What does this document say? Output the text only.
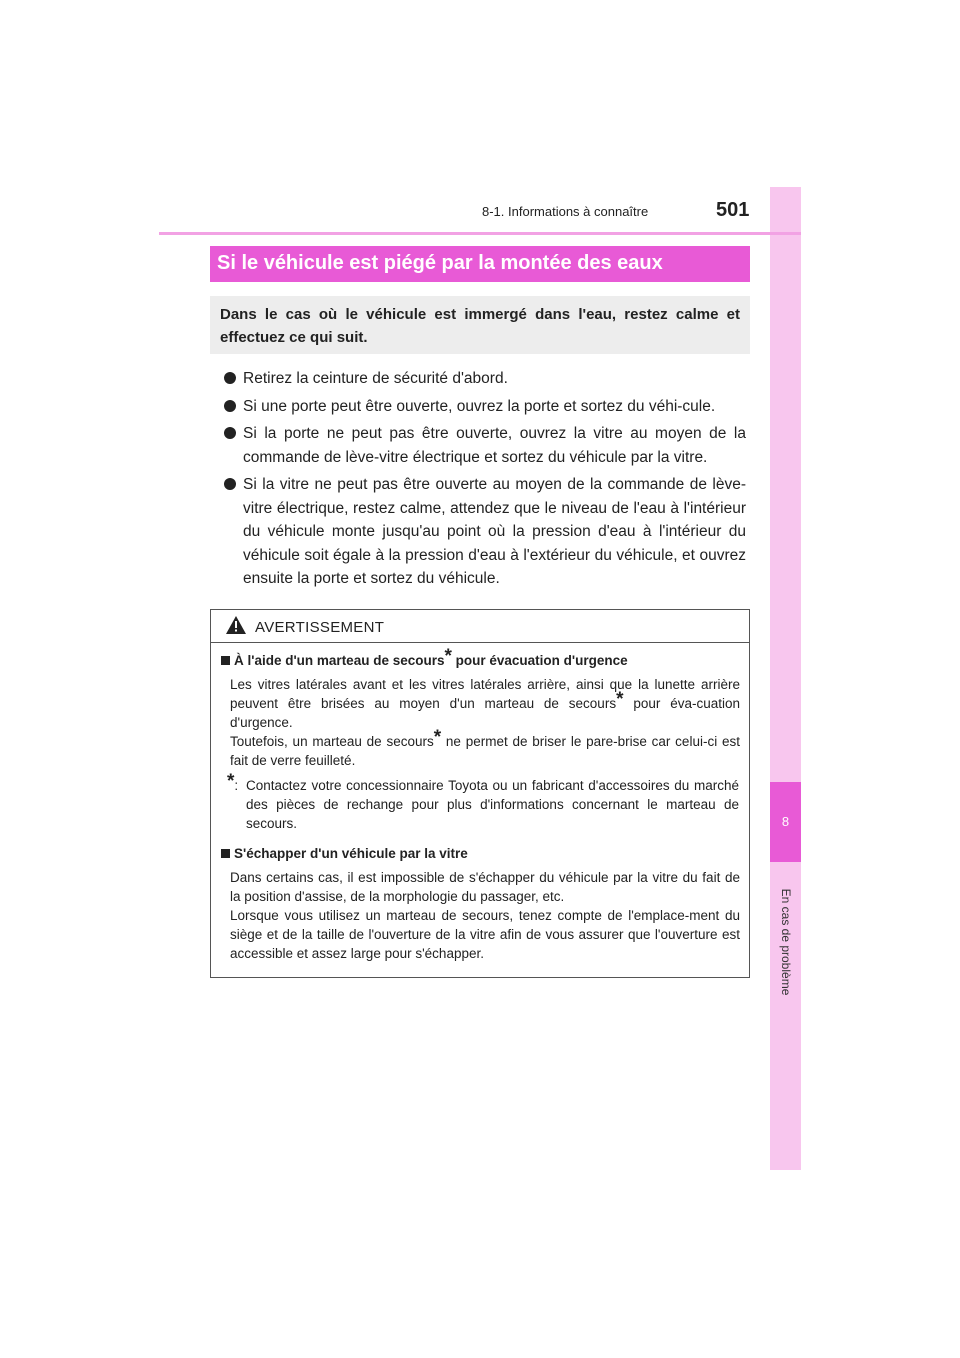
8
En cas de problème
8-1. Informations à connaître	501
Si le véhicule est piégé par la montée des eaux

Dans le cas où le véhicule est immergé dans l'eau, restez calme et effectuez ce qui suit.

Retirez la ceinture de sécurité d'abord.
Si une porte peut être ouverte, ouvrez la porte et sortez du véhi-cule.
Si la porte ne peut pas être ouverte, ouvrez la vitre au moyen de la commande de lève-vitre électrique et sortez du véhicule par la vitre.
Si la vitre ne peut pas être ouverte au moyen de la commande de lève-vitre électrique, restez calme, attendez que le niveau de l'eau à l'intérieur du véhicule monte jusqu'au point où la pression d'eau à l'intérieur du véhicule soit égale à la pression d'eau à l'extérieur du véhicule, et ouvrez ensuite la porte et sortez du véhicule.
AVERTISSEMENT
À l'aide d'un marteau de secours* pour évacuation d'urgence

Les vitres latérales avant et les vitres latérales arrière, ainsi que la lunette arrière peuvent être brisées au moyen d'un marteau de secours* pour éva-cuation d'urgence.

Toutefois, un marteau de secours* ne permet de briser le pare-brise car celui-ci est fait de verre feuilleté.

*: Contactez votre concessionnaire Toyota ou un fabricant d'accessoires du marché des pièces de rechange pour plus d'informations concernant le marteau de secours.
S'échapper d'un véhicule par la vitre

Dans certains cas, il est impossible de s'échapper du véhicule par la vitre du fait de la position d'assise, de la morphologie du passager, etc.

Lorsque vous utilisez un marteau de secours, tenez compte de l'emplace-ment du siège et de la taille de l'ouverture de la vitre afin de vous assurer que l'ouverture est accessible et assez large pour s'échapper.
